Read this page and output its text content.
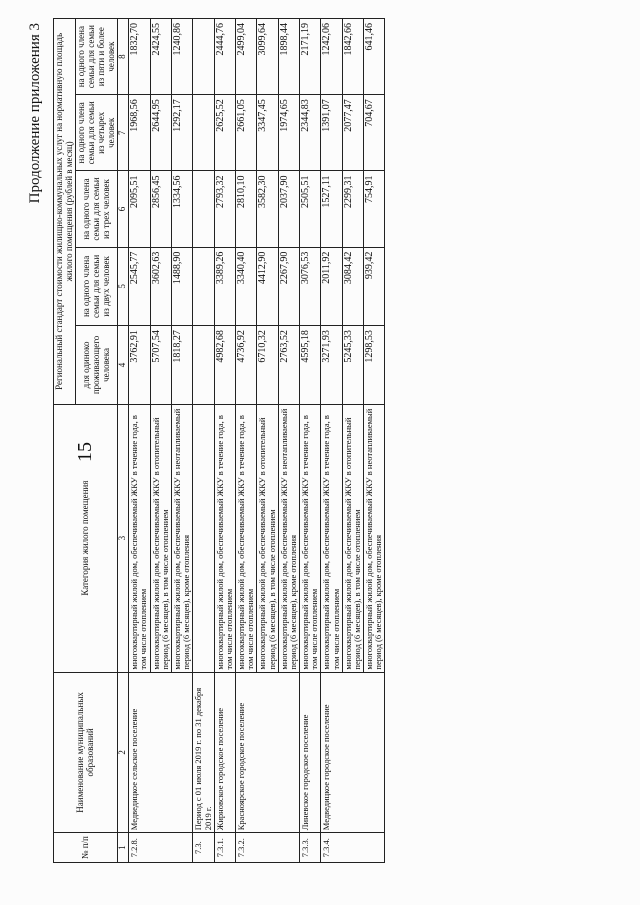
Продолжение приложения 3
15
№ п/п	Наименование муниципальных образований	Категория жилого помещения	Региональный стандарт стоимости жилищно-коммунальных услуг на нормативную площадь жилого помещения (рублей в месяц)				
			для одиноко проживающего человека	на одного члена семьи для семьи из двух человек	на одного члена семьи для семьи из трех человек	на одного члена семьи для семьи из четырех человек	на одного члена семьи для семьи из пяти и более человек
1	2	3	4	5	6	7	8
7.2.8.	Медведицкое сельское поселение	многоквартирный жилой дом, обеспечиваемый ЖКУ в течение года, в том числе отоплением	3762,91	2545,77	2095,51	1968,56	1832,70
		многоквартирный жилой дом, обеспечиваемый ЖКУ в отопительный период (6 месяцев), в том числе отоплением	5707,54	3602,63	2856,45	2644,95	2424,55
		многоквартирный жилой дом, обеспечиваемый ЖКУ в неотапливаемый период (6 месяцев), кроме отопления	1818,27	1488,90	1334,56	1292,17	1240,86
7.3.	Период с 01 июля 2019 г. по 31 декабря 2019 г.						
7.3.1.	Жирновское городское поселение	многоквартирный жилой дом, обеспечиваемый ЖКУ в течение года, в том числе отоплением	4982,68	3389,26	2793,32	2625,52	2444,76
7.3.2.	Красноярское городское поселение	многоквартирный жилой дом, обеспечиваемый ЖКУ в течение года, в том числе отоплением	4736,92	3340,40	2810,10	2661,05	2499,04
		многоквартирный жилой дом, обеспечиваемый ЖКУ в отопительный период (6 месяцев), в том числе отоплением	6710,32	4412,90	3582,30	3347,45	3099,64
		многоквартирный жилой дом, обеспечиваемый ЖКУ в неотапливаемый период (6 месяцев), кроме отопления	2763,52	2267,90	2037,90	1974,65	1898,44
7.3.3.	Линевское городское поселение	многоквартирный жилой дом, обеспечиваемый ЖКУ в течение года, в том числе отоплением	4595,18	3076,53	2505,51	2344,83	2171,19
7.3.4.	Медведицкое городское поселение	многоквартирный жилой дом, обеспечиваемый ЖКУ в течение года, в том числе отоплением	3271,93	2011,92	1527,11	1391,07	1242,06
		многоквартирный жилой дом, обеспечиваемый ЖКУ в отопительный период (6 месяцев), в том числе отоплением	5245,33	3084,42	2299,31	2077,47	1842,66
		многоквартирный жилой дом, обеспечиваемый ЖКУ в неотапливаемый период (6 месяцев), кроме отопления	1298,53	939,42	754,91	704,67	641,46
